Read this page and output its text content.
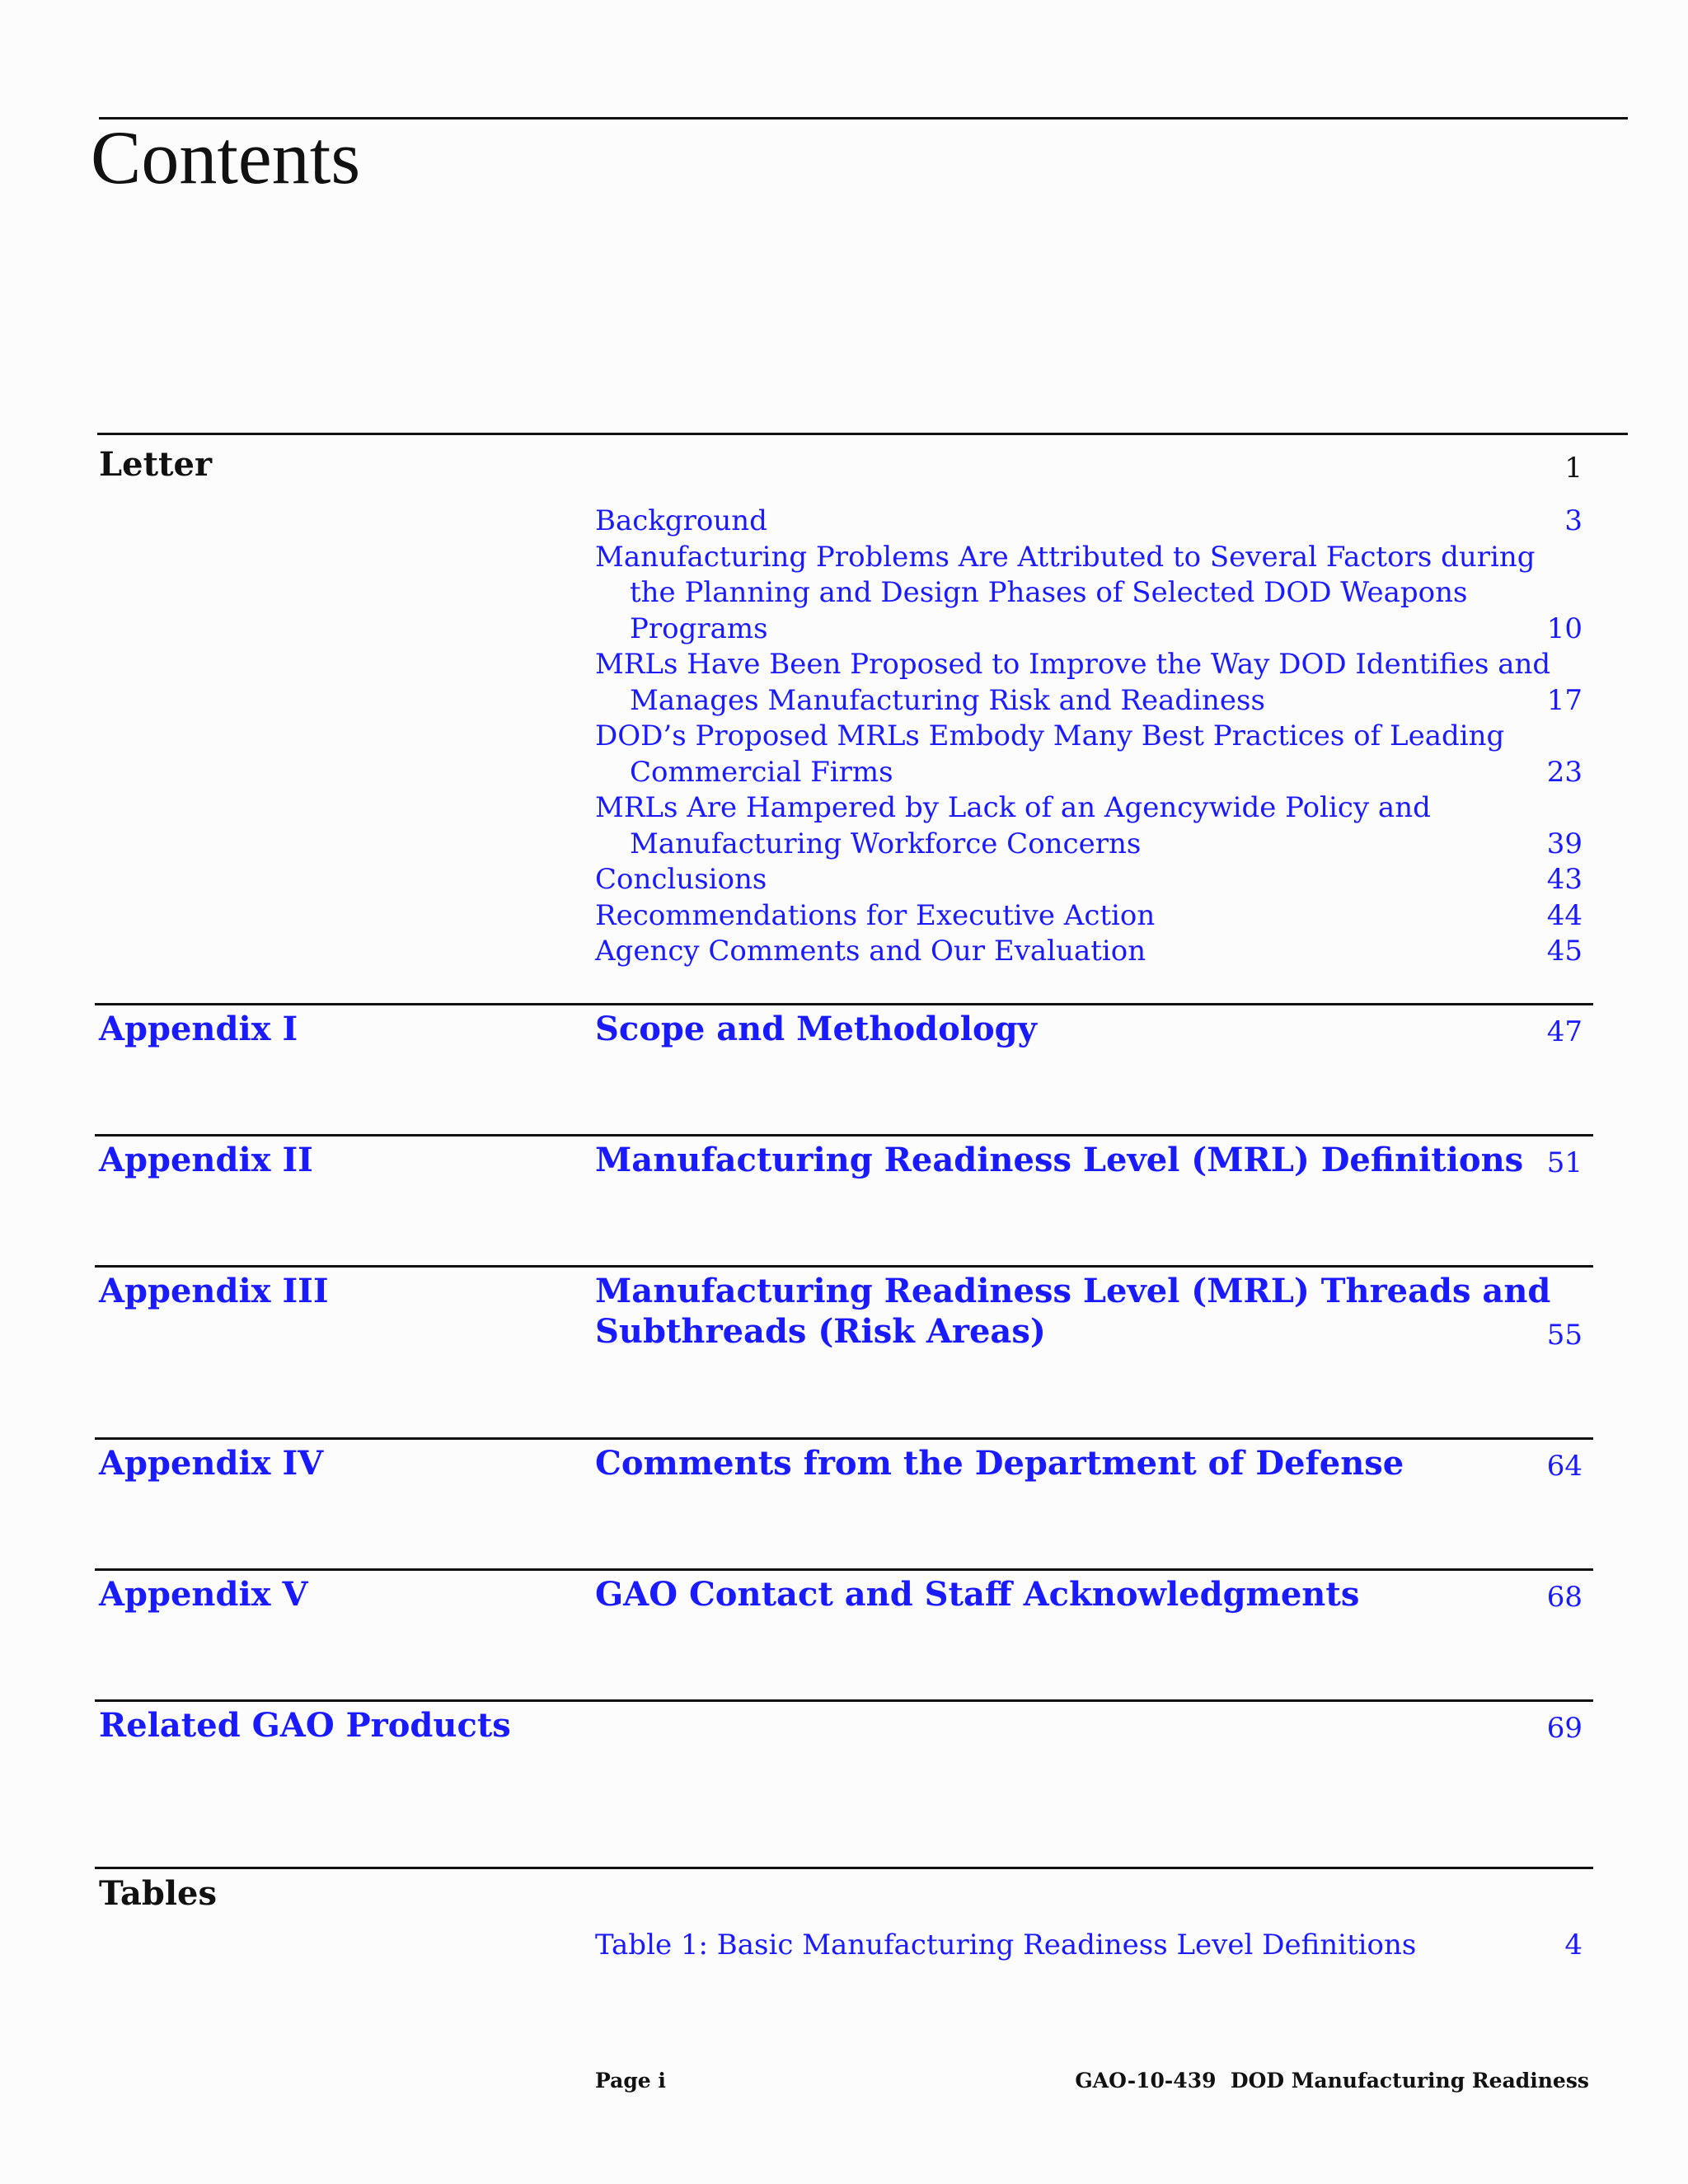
Contents
Letter	1
Background	3
Manufacturing Problems Are Attributed to Several Factors during
the Planning and Design Phases of Selected DOD Weapons
Programs	10
MRLs Have Been Proposed to Improve the Way DOD Identifies and
Manages Manufacturing Risk and Readiness	17
DOD’s Proposed MRLs Embody Many Best Practices of Leading
Commercial Firms	23
MRLs Are Hampered by Lack of an Agencywide Policy and
Manufacturing Workforce Concerns	39
Conclusions	43
Recommendations for Executive Action	44
Agency Comments and Our Evaluation	45
Appendix I	Scope and Methodology	47
Appendix II	Manufacturing Readiness Level (MRL) Definitions 51
Appendix III	Manufacturing Readiness Level (MRL) Threads and
Subthreads (Risk Areas)	55
Appendix IV	Comments from the Department of Defense	64
Appendix V	GAO Contact and Staff Acknowledgments	68
Related GAO Products	69
Tables
Table 1: Basic Manufacturing Readiness Level Definitions	4
Page i	GAO-10-439  DOD Manufacturing Readiness
